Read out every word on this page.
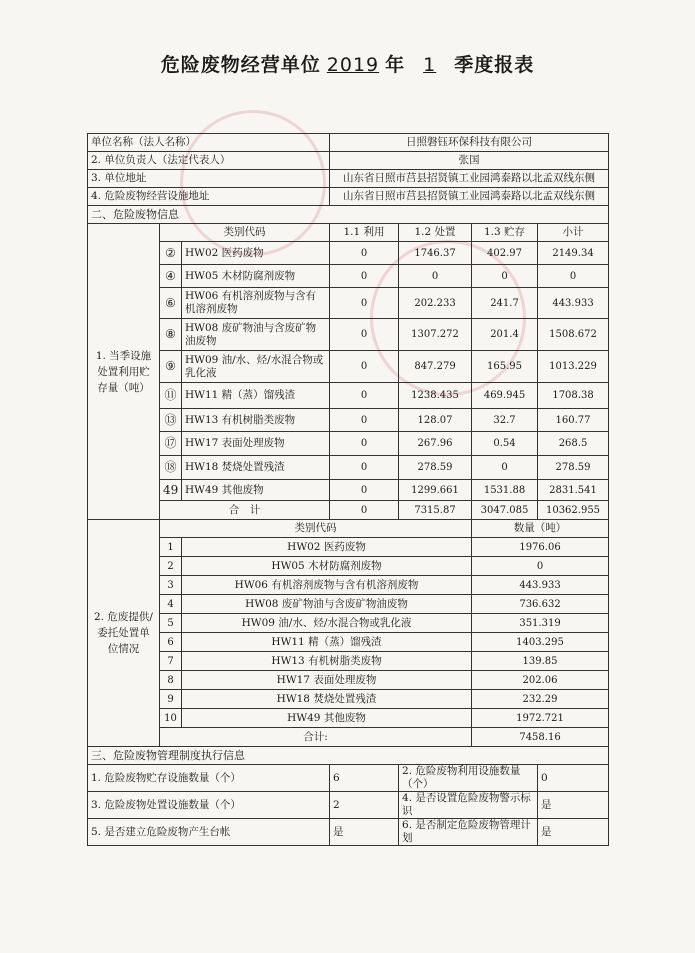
危险废物经营单位 2019 年 1 季度报表
单位名称（法人名称）			日照磐钰环保科技有限公司			
2. 单位负责人（法定代表人）			张国			
3. 单位地址			山东省日照市莒县招贤镇工业园鸿泰路以北孟双线东侧			
4. 危险废物经营设施地址			山东省日照市莒县招贤镇工业园鸿泰路以北孟双线东侧			
二、危险废物信息						
1. 当季设施处置利用贮存量（吨）	类别代码		1.1 利用	1.2 处置	1.3 贮存	小计
	②	HW02 医药废物	0	1746.37	402.97	2149.34
	④	HW05 木材防腐剂废物	0	0	0	0
	⑥	HW06 有机溶剂废物与含有机溶剂废物	0	202.233	241.7	443.933
	⑧	HW08 废矿物油与含废矿物油废物	0	1307.272	201.4	1508.672
	⑨	HW09 油/水、烃/水混合物或乳化液	0	847.279	165.95	1013.229
	⑪	HW11 精（蒸）馏残渣	0	1238.435	469.945	1708.38
	⑬	HW13 有机树脂类废物	0	128.07	32.7	160.77
	⑰	HW17 表面处理废物	0	267.96	0.54	268.5
	⑱	HW18 焚烧处置残渣	0	278.59	0	278.59
	49	HW49 其他废物	0	1299.661	1531.88	2831.541
	合　计		0	7315.87	3047.085	10362.955
2. 危废提供/委托处置单位情况	类别代码				数量（吨）	
	1	HW02 医药废物			1976.06	
	2	HW05 木材防腐剂废物			0	
	3	HW06 有机溶剂废物与含有机溶剂废物			443.933	
	4	HW08 废矿物油与含废矿物油废物			736.632	
	5	HW09 油/水、烃/水混合物或乳化液			351.319	
	6	HW11 精（蒸）馏残渣			1403.295	
	7	HW13 有机树脂类废物			139.85	
	8	HW17 表面处理废物			202.06	
	9	HW18 焚烧处置残渣			232.29	
	10	HW49 其他废物			1972.721	
	合计:				7458.16	
三、危险废物管理制度执行信息						
1. 危险废物贮存设施数量（个）			6	2. 危险废物利用设施数量（个）		0
3. 危险废物处置设施数量（个）			2	4. 是否设置危险废物警示标识		是
5. 是否建立危险废物产生台帐			是	6. 是否制定危险废物管理计划		是
